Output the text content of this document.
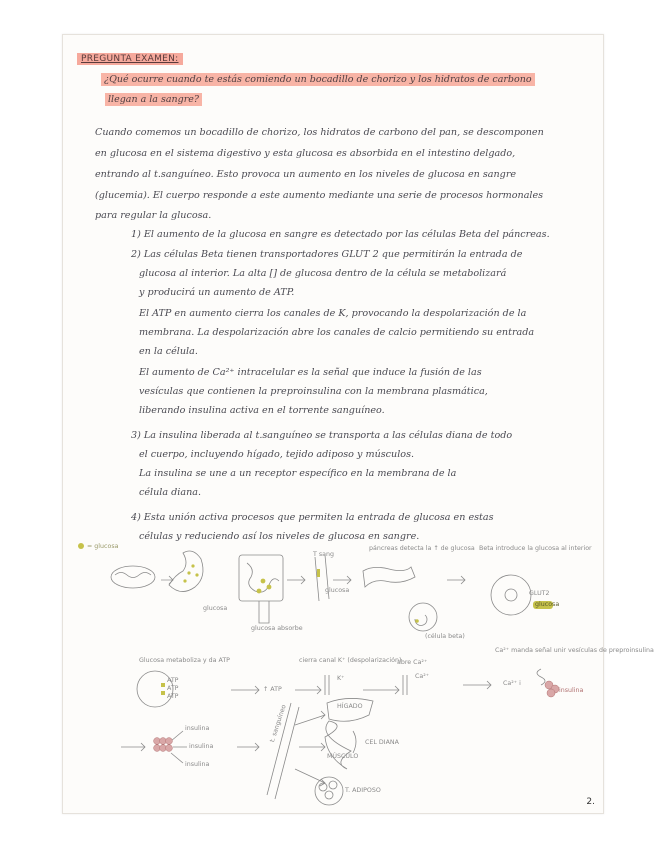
PREGUNTA EXAMEN:
¿Qué ocurre cuando te estás comiendo un bocadillo de chorizo y los hidratos de carbono
llegan a la sangre?
Cuando comemos un bocadillo de chorizo, los hidratos de carbono del pan, se descomponen
en glucosa en el sistema digestivo y esta glucosa es absorbida en el intestino delgado,
entrando al t.sanguíneo. Esto provoca un aumento en los niveles de glucosa en sangre
(glucemia). El cuerpo responde a este aumento mediante una serie de procesos hormonales
para regular la glucosa.
1) El aumento de la glucosa en sangre es detectado por las células Beta del páncreas.
2) Las células Beta tienen transportadores GLUT 2 que permitirán la entrada de
glucosa al interior. La alta [] de glucosa dentro de la célula se metabolizará
y producirá un aumento de ATP.
El ATP en aumento cierra los canales de K, provocando la despolarización de la
membrana. La despolarización abre los canales de calcio permitiendo su entrada
en la célula.
El aumento de Ca²⁺ intracelular es la señal que induce la fusión de las
vesículas que contienen la preproinsulina con la membrana plasmática,
liberando insulina activa en el torrente sanguíneo.
3) La insulina liberada al t.sanguíneo se transporta a las células diana de todo
el cuerpo, incluyendo hígado, tejido adiposo y músculos.
La insulina se une a un receptor específico en la membrana de la
célula diana.
4) Esta unión activa procesos que permiten la entrada de glucosa en estas
células y reduciendo así los niveles de glucosa en sangre.
= glucosa
glucosa
glucosa absorbe
T sang
glucosa
páncreas detecta la ↑ de glucosa
(célula beta)
Beta introduce la glucosa al interior
GLUT2
glucosa
Glucosa metaboliza y da ATP
ATP
ATP
ATP
↑ ATP
cierra canal K⁺ (despolarización)
K⁺
abre Ca²⁺
Ca²⁺
Ca²⁺ manda señal unir vesículas de preproinsulina
Ca²⁺ i
insulina
insulina
insulina
insulina
t. sanguíneo	HÍGADO
MÚSCULO
T. ADIPOSO
CEL DIANA
2.
